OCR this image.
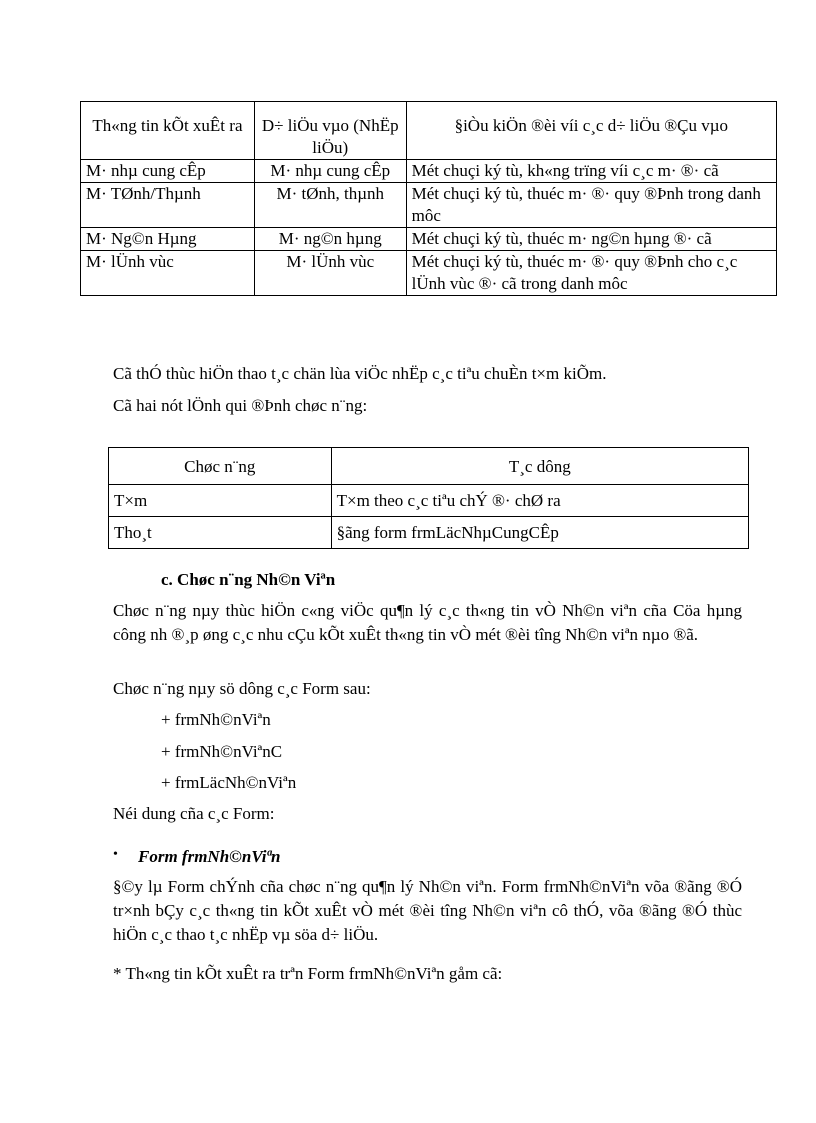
Th«ng tin kÕt xuÊt ra	D÷ liÖu vµo (NhËp liÖu)	§iÒu kiÖn ®èi víi c¸c d÷ liÖu ®Çu vµo
M· nhµ cung cÊp	M· nhµ cung cÊp	Mét chuçi ký tù, kh«ng trïng víi c¸c m· ®· cã
M· TØnh/Thµnh	M· tØnh, thµnh	Mét chuçi ký tù, thuéc m· ®· quy ®Þnh trong danh môc
M· Ng©n Hµng	M· ng©n hµng	Mét chuçi ký tù, thuéc m· ng©n hµng ®· cã
M· lÜnh vùc	M· lÜnh vùc	Mét chuçi ký tù, thuéc m· ®· quy ®Þnh cho c¸c lÜnh vùc ®· cã trong danh môc

Cã thÓ thùc hiÖn thao t¸c chän lùa viÖc nhËp c¸c tiªu chuÈn t×m kiÕm.

Cã hai nót lÖnh qui ®Þnh chøc n¨ng:

Chøc n¨ng	T¸c dông
T×m	T×m theo c¸c tiªu chÝ ®· chØ ra
Tho¸t	§ãng form frmLäcNhµCungCÊp

c. Chøc n¨ng Nh©n Viªn

Chøc n¨ng nµy thùc hiÖn c«ng viÖc qu¶n lý c¸c th«ng tin vÒ Nh©n viªn cña Cöa hµng công nh ®¸p øng c¸c nhu cÇu kÕt xuÊt th«ng tin vÒ mét ®èi tîng Nh©n viªn nµo ®ã.

Chøc n¨ng nµy sö dông c¸c Form sau:

+ frmNh©nViªn

+ frmNh©nViªnC

+ frmLäcNh©nViªn

Néi dung cña c¸c Form:

• Form frmNh©nViªn

§©y lµ Form chÝnh cña chøc n¨ng qu¶n lý Nh©n viªn. Form frmNh©nViªn võa ®ãng ®Ó tr×nh bÇy c¸c th«ng tin kÕt xuÊt vÒ mét ®èi tîng Nh©n viªn cô thÓ, võa ®ãng ®Ó thùc hiÖn c¸c thao t¸c nhËp vµ söa d÷ liÖu.

* Th«ng tin kÕt xuÊt ra trªn Form frmNh©nViªn gåm cã:
